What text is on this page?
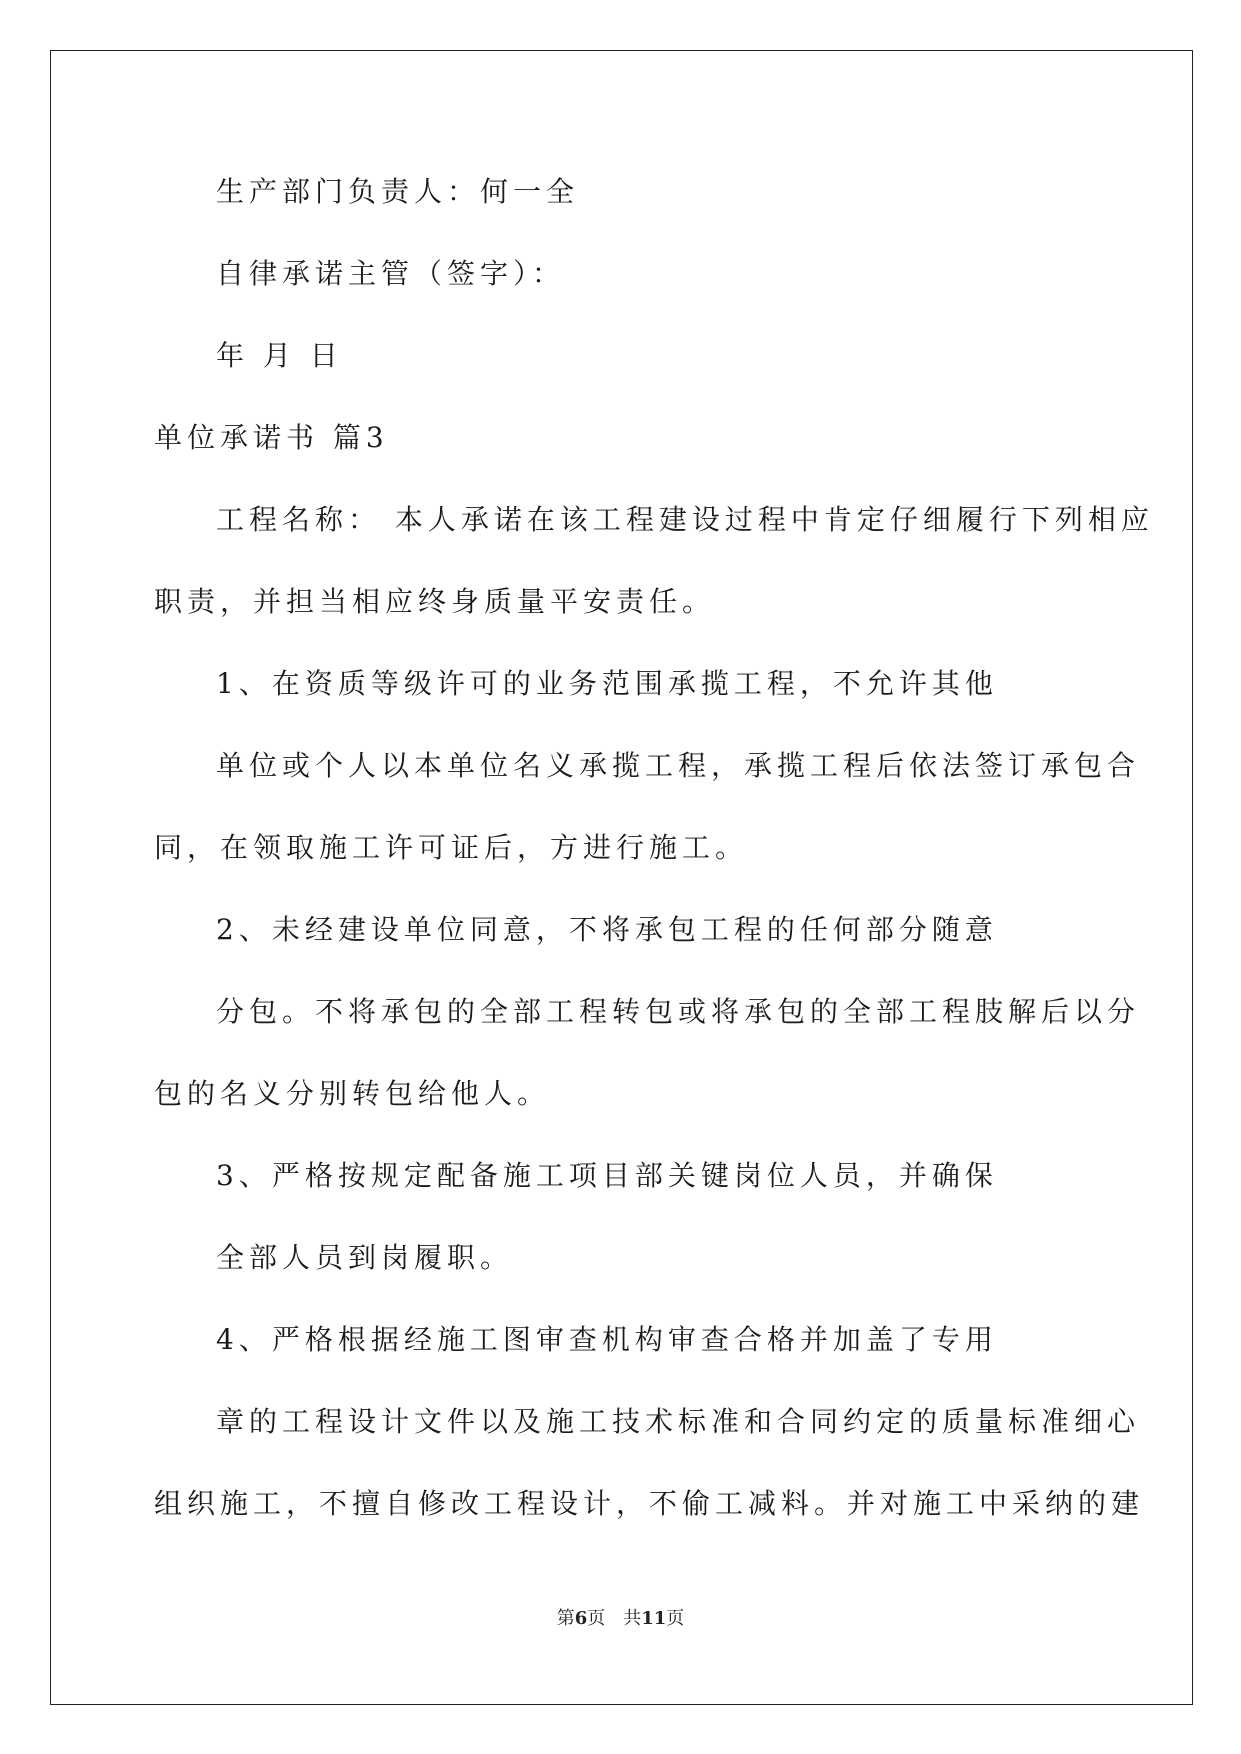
生产部门负责人：何一全
自律承诺主管（签字）：
年 月 日
单位承诺书 篇3
工程名称： 本人承诺在该工程建设过程中肯定仔细履行下列相应
职责，并担当相应终身质量平安责任。
1、在资质等级许可的业务范围承揽工程，不允许其他
单位或个人以本单位名义承揽工程，承揽工程后依法签订承包合
同，在领取施工许可证后，方进行施工。
2、未经建设单位同意，不将承包工程的任何部分随意
分包。不将承包的全部工程转包或将承包的全部工程肢解后以分
包的名义分别转包给他人。
3、严格按规定配备施工项目部关键岗位人员，并确保
全部人员到岗履职。
4、严格根据经施工图审查机构审查合格并加盖了专用
章的工程设计文件以及施工技术标准和合同约定的质量标准细心
组织施工，不擅自修改工程设计，不偷工减料。并对施工中采纳的建
第6页 共11页
